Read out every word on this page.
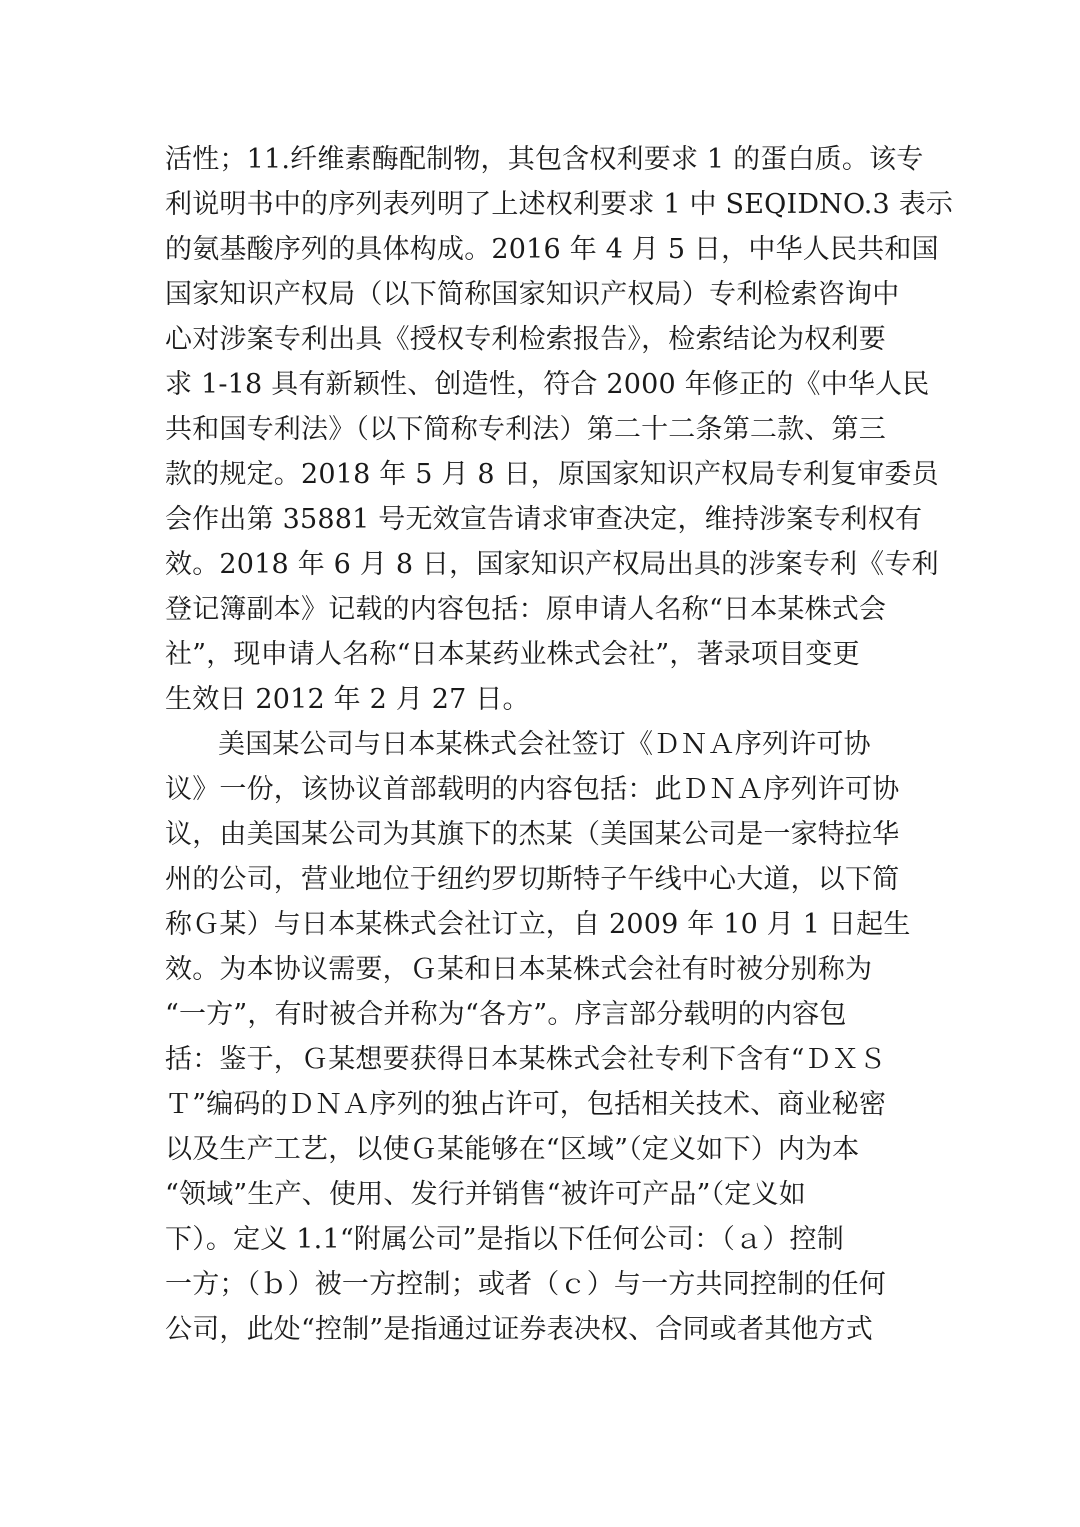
活性；11.纤维素酶配制物，其包含权利要求 1 的蛋白质。该专
利说明书中的序列表列明了上述权利要求 1 中 SEQIDNO.3 表示
的氨基酸序列的具体构成。2016 年 4 月 5 日，中华人民共和国
国家知识产权局（以下简称国家知识产权局）专利检索咨询中
心对涉案专利出具《授权专利检索报告》，检索结论为权利要
求 1-18 具有新颖性、创造性，符合 2000 年修正的《中华人民
共和国专利法》（以下简称专利法）第二十二条第二款、第三
款的规定。2018 年 5 月 8 日，原国家知识产权局专利复审委员
会作出第 35881 号无效宣告请求审查决定，维持涉案专利权有
效。2018 年 6 月 8 日，国家知识产权局出具的涉案专利《专利
登记簿副本》记载的内容包括：原申请人名称“日本某株式会
社”，现申请人名称“日本某药业株式会社”，著录项目变更
生效日 2012 年 2 月 27 日。
美国某公司与日本某株式会社签订《ＤＮＡ序列许可协
议》一份，该协议首部载明的内容包括：此ＤＮＡ序列许可协
议，由美国某公司为其旗下的杰某（美国某公司是一家特拉华
州的公司，营业地位于纽约罗切斯特子午线中心大道，以下简
称Ｇ某）与日本某株式会社订立，自 2009 年 10 月 1 日起生
效。为本协议需要，Ｇ某和日本某株式会社有时被分别称为
“一方”，有时被合并称为“各方”。序言部分载明的内容包
括：鉴于，Ｇ某想要获得日本某株式会社专利下含有“ＤＸＳ
Ｔ”编码的ＤＮＡ序列的独占许可，包括相关技术、商业秘密
以及生产工艺，以使Ｇ某能够在“区域”（定义如下）内为本
“领域”生产、使用、发行并销售“被许可产品”（定义如
下）。定义 1.1“附属公司”是指以下任何公司：（ａ）控制
一方；（ｂ）被一方控制；或者（ｃ）与一方共同控制的任何
公司，此处“控制”是指通过证券表决权、合同或者其他方式
